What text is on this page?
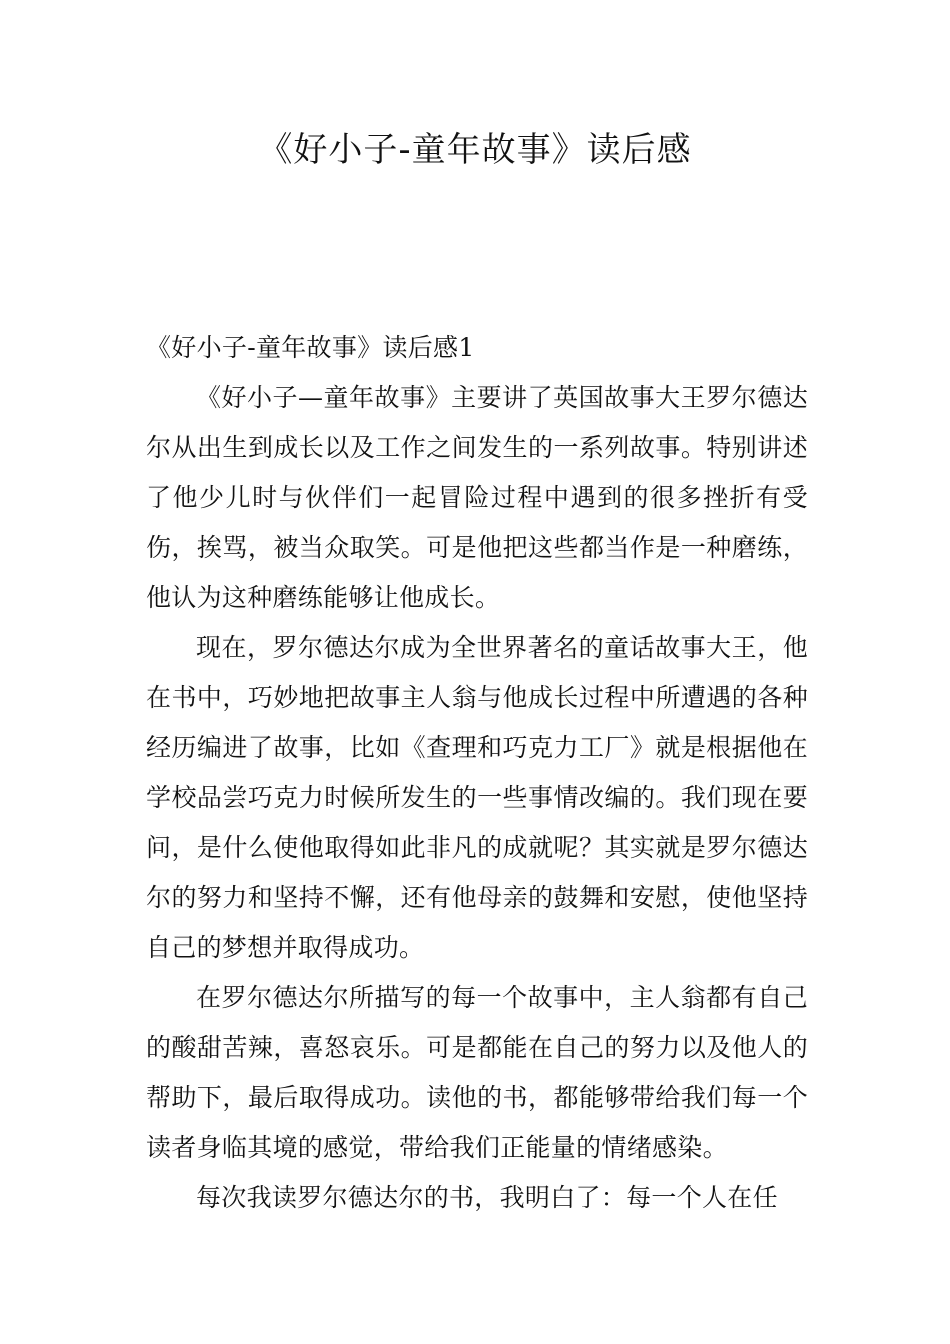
《好小子-童年故事》读后感
《好小子-童年故事》读后感1

《好小子—童年故事》主要讲了英国故事大王罗尔德达尔从出生到成长以及工作之间发生的一系列故事。特别讲述了他少儿时与伙伴们一起冒险过程中遇到的很多挫折有受伤，挨骂，被当众取笑。可是他把这些都当作是一种磨练，他认为这种磨练能够让他成长。

现在，罗尔德达尔成为全世界著名的童话故事大王，他在书中，巧妙地把故事主人翁与他成长过程中所遭遇的各种经历编进了故事，比如《查理和巧克力工厂》就是根据他在学校品尝巧克力时候所发生的一些事情改编的。我们现在要问，是什么使他取得如此非凡的成就呢？其实就是罗尔德达尔的努力和坚持不懈，还有他母亲的鼓舞和安慰，使他坚持自己的梦想并取得成功。

在罗尔德达尔所描写的每一个故事中，主人翁都有自己的酸甜苦辣，喜怒哀乐。可是都能在自己的努力以及他人的帮助下，最后取得成功。读他的书，都能够带给我们每一个读者身临其境的感觉，带给我们正能量的情绪感染。

每次我读罗尔德达尔的书，我明白了：每一个人在任
